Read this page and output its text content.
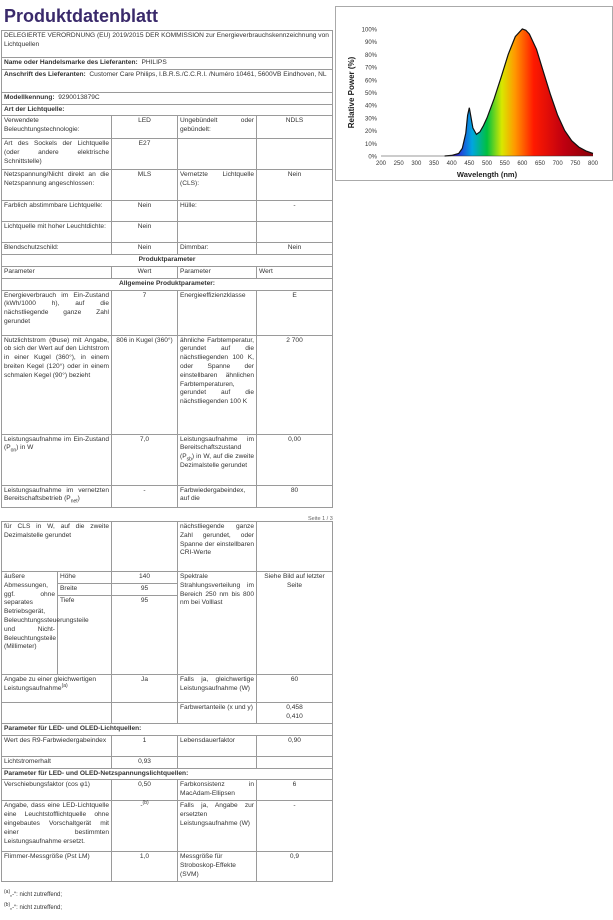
Produktdatenblatt
DELEGIERTE VERORDNUNG (EU) 2019/2015 DER KOMMISSION zur Energieverbrauchskennzeichnung von Lichtquellen			
Name oder Handelsmarke des Lieferanten: PHILIPS			
Anschrift des Lieferanten: Customer Care Philips, I.B.R.S./C.C.R.I. /Numéro 10461, 5600VB Eindhoven, NL			
Modellkennung: 9290013879C			
Art der Lichtquelle:			
Verwendete Beleuchtungstechnologie:	LED	Ungebündelt oder gebündelt:	NDLS
Art des Sockels der Lichtquelle (oder andere elektrische Schnittstelle)	E27		
Netzspannung/Nicht direkt an die Netzspannung angeschlossen:	MLS	Vernetzte Lichtquelle (CLS):	Nein
Farblich abstimmbare Lichtquelle:	Nein	Hülle:	-
Lichtquelle mit hoher Leuchtdichte:	Nein		
Blendschutzschild:	Nein	Dimmbar:	Nein
Produktparameter			
Parameter	Wert	Parameter	Wert
Allgemeine Produktparameter:			
Energieverbrauch im Ein-Zustand (kWh/1000 h), auf die nächstliegende ganze Zahl gerundet	7	Energieeffizienzklasse	E
Nutzlichtstrom (Φuse) mit Angabe, ob sich der Wert auf den Lichtstrom in einer Kugel (360°), in einem breiten Kegel (120°) oder in einem schmalen Kegel (90°) bezieht	806 in Kugel (360°)	ähnliche Farbtemperatur, gerundet auf die nächstliegenden 100 K, oder Spanne der einstellbaren ähnlichen Farbtemperaturen, gerundet auf die nächstliegenden 100 K	2 700
Leistungsaufnahme im Ein-Zustand $(P_{on})$ in W	7,0	Leistungsaufnahme im Bereitschaftszustand $(P_{sb})$ in W, auf die zweite Dezimalstelle gerundet	0,00
Leistungsaufnahme im vernetzten Bereitschaftsbetrieb $(P_{net})$	-	Farbwiedergabeindex, auf die	80
Seite 1 / 3
für CLS in W, auf die zweite Dezimalstelle gerundet			nächstliegende ganze Zahl gerundet, oder Spanne der einstellbaren CRI-Werte	
äußere Abmessungen, ggf. ohne separates Betriebsgerät, Beleuchtungssteuerungsteile und Nicht-Beleuchtungsteile (Millimeter)	Höhe	140	Spektrale Strahlungsverteilung im Bereich 250 nm bis 800 nm bei Volllast	Siehe Bild auf letzter Seite
	Breite	95		
	Tiefe	95		

Angabe zu einer gleichwertigen Leistungsaufnahme$^{(a)}$		Ja	Falls ja, gleichwertige Leistungsaufnahme (W)	60
			Farbwertanteile (x und y)	0,458
0,410
Parameter für LED- und OLED-Lichtquellen:				
Wert des R9-Farbwiedergabeindex		1	Lebensdauerfaktor	0,90
Lichtstromerhalt		0,93		
Parameter für LED- und OLED-Netzspannungslichtquellen:				
Verschiebungsfaktor (cos φ1)		0,50	Farbkonsistenz in MacAdam-Ellipsen	6
Angabe, dass eine LED-Lichtquelle eine Leuchtstofflichtquelle ohne eingebautes Vorschaltgerät mit einer bestimmten Leistungsaufnahme ersetzt.		-$^{(b)}$	Falls ja, Angabe zur ersetzten Leistungsaufnahme (W)	-
Flimmer-Messgröße (Pst LM)		1,0	Messgröße für Stroboskop-Effekte (SVM)	0,9
$^{(a)}$„-“: nicht zutreffend;
$^{(b)}$„-“: nicht zutreffend;
Relative Power (%)
Wavelength (nm)
0%
10%
20%
30%
40%
50%
60%
70%
80%
90%
100%
200 250 300 350 400 450 500 550 600 650 700 750 800
